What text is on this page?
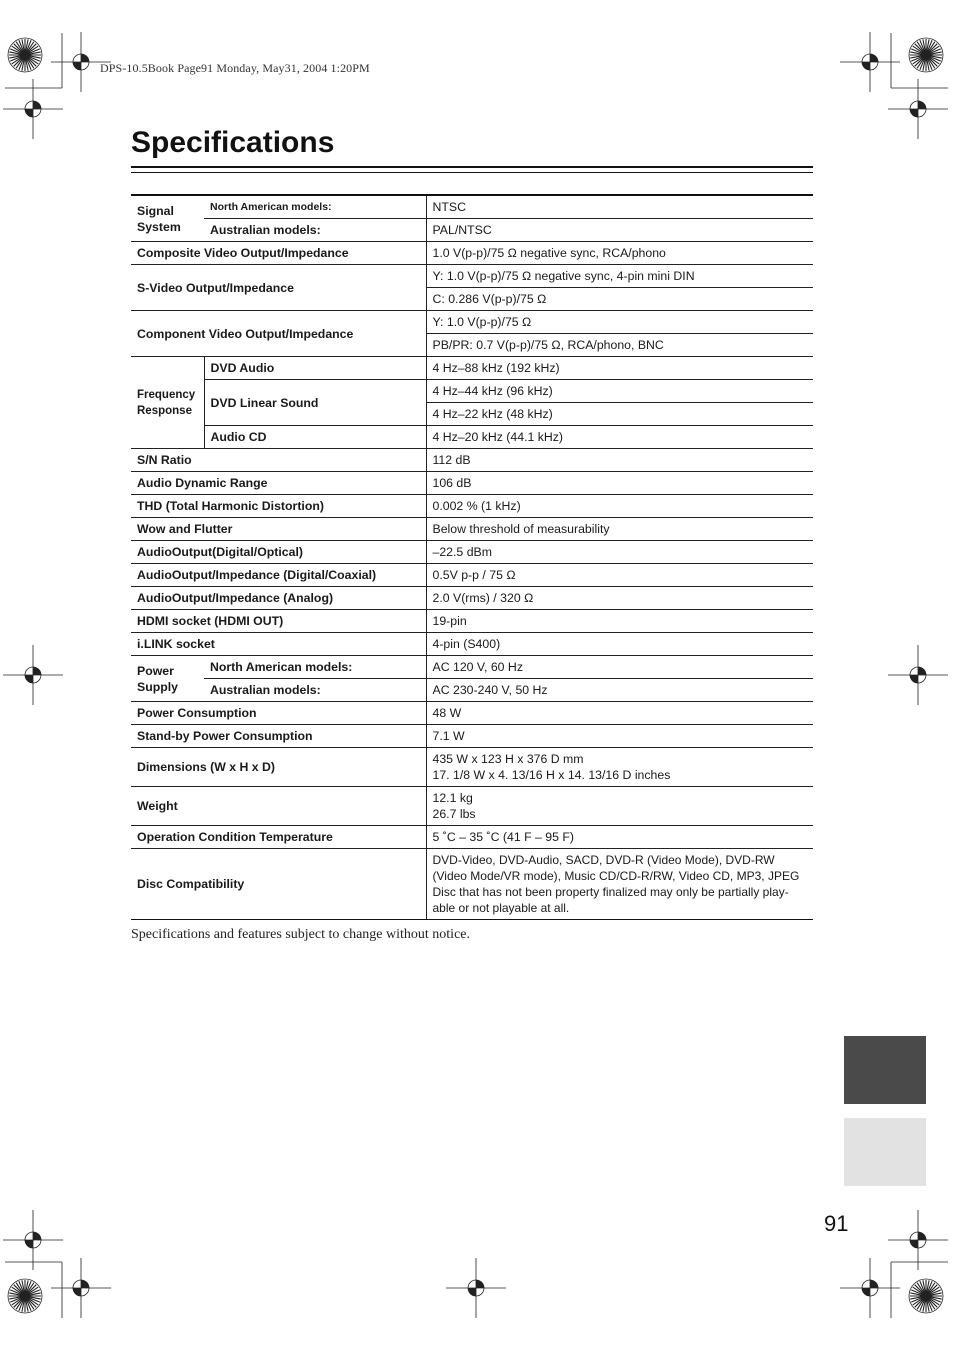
DPS-10.5Book Page91 Monday, May31, 2004 1:20PM
Specifications
Signal System	North American models:	NTSC
	Australian models:	PAL/NTSC
Composite Video Output/Impedance		1.0 V(p-p)/75 Ω negative sync, RCA/phono
S-Video Output/Impedance		Y: 1.0 V(p-p)/75 Ω negative sync, 4-pin mini DIN
		C: 0.286 V(p-p)/75 Ω
Component Video Output/Impedance		Y: 1.0 V(p-p)/75 Ω
		PB/PR: 0.7 V(p-p)/75 Ω, RCA/phono, BNC
Frequency Response	DVD Audio	4 Hz–88 kHz (192 kHz)
	DVD Linear Sound	4 Hz–44 kHz (96 kHz)
		4 Hz–22 kHz (48 kHz)
	Audio CD	4 Hz–20 kHz (44.1 kHz)
S/N Ratio		112 dB
Audio Dynamic Range		106 dB
THD (Total Harmonic Distortion)		0.002 % (1 kHz)
Wow and Flutter		Below threshold of measurability
AudioOutput(Digital/Optical)		–22.5 dBm
AudioOutput/Impedance (Digital/Coaxial)		0.5V p-p / 75 Ω
AudioOutput/Impedance (Analog)		2.0 V(rms) / 320 Ω
HDMI socket (HDMI OUT)		19-pin
i.LINK socket		4-pin (S400)
Power Supply	North American models:	AC 120 V, 60 Hz
	Australian models:	AC 230-240 V, 50 Hz
Power Consumption		48 W
Stand-by Power Consumption		7.1 W
Dimensions (W x H x D)		435 W x 123 H x 376 D mm
17. 1/8 W x 4. 13/16 H x 14. 13/16 D inches

Weight		12.1 kg
26.7 lbs

Operation Condition Temperature		5 ˚C – 35 ˚C (41 F – 95 F)
Disc Compatibility		DVD-Video, DVD-Audio, SACD, DVD-R (Video Mode), DVD-RW
(Video Mode/VR mode), Music CD/CD-R/RW, Video CD, MP3, JPEG
Disc that has not been property finalized may only be partially play-
able or not playable at all.
Specifications and features subject to change without notice.
91
